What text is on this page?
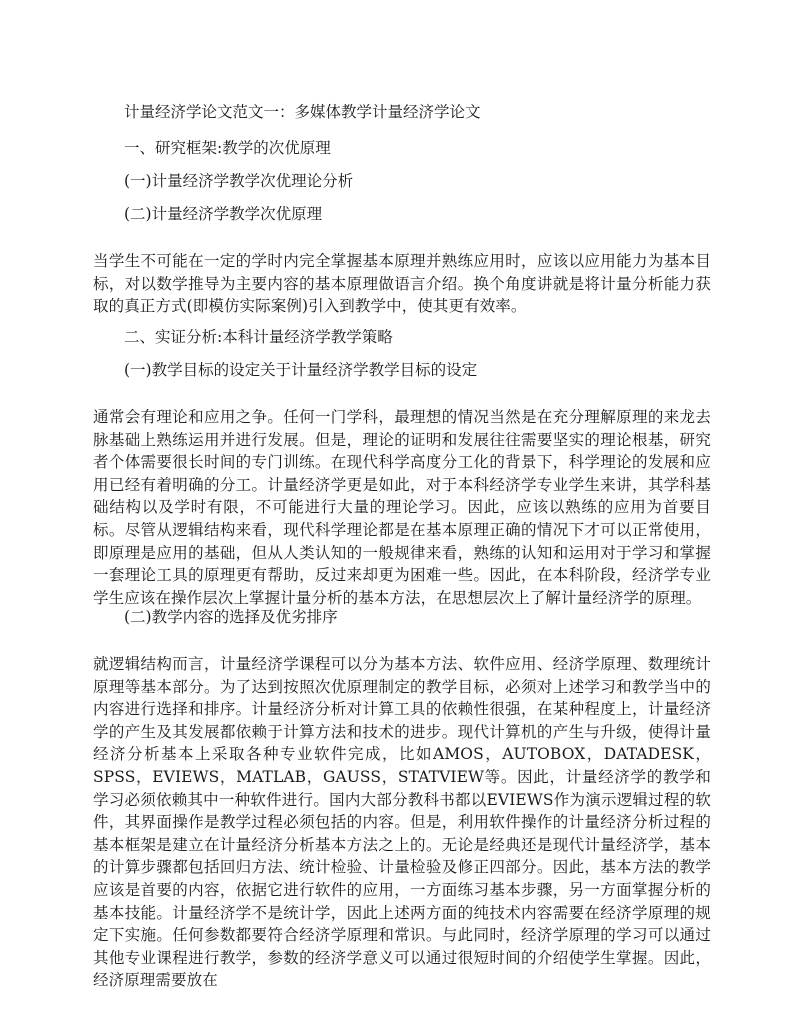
计量经济学论文范文一：多媒体教学计量经济学论文
一、研究框架:教学的次优原理
(一)计量经济学教学次优理论分析
(二)计量经济学教学次优原理
当学生不可能在一定的学时内完全掌握基本原理并熟练应用时，应该以应用能力为基本目标，对以数学推导为主要内容的基本原理做语言介绍。换个角度讲就是将计量分析能力获取的真正方式(即模仿实际案例)引入到教学中，使其更有效率。
二、实证分析:本科计量经济学教学策略
(一)教学目标的设定关于计量经济学教学目标的设定
通常会有理论和应用之争。任何一门学科，最理想的情况当然是在充分理解原理的来龙去脉基础上熟练运用并进行发展。但是，理论的证明和发展往往需要坚实的理论根基，研究者个体需要很长时间的专门训练。在现代科学高度分工化的背景下，科学理论的发展和应用已经有着明确的分工。计量经济学更是如此，对于本科经济学专业学生来讲，其学科基础结构以及学时有限，不可能进行大量的理论学习。因此，应该以熟练的应用为首要目标。尽管从逻辑结构来看，现代科学理论都是在基本原理正确的情况下才可以正常使用，即原理是应用的基础，但从人类认知的一般规律来看，熟练的认知和运用对于学习和掌握一套理论工具的原理更有帮助，反过来却更为困难一些。因此，在本科阶段，经济学专业学生应该在操作层次上掌握计量分析的基本方法，在思想层次上了解计量经济学的原理。
(二)教学内容的选择及优劣排序
就逻辑结构而言，计量经济学课程可以分为基本方法、软件应用、经济学原理、数理统计原理等基本部分。为了达到按照次优原理制定的教学目标，必须对上述学习和教学当中的内容进行选择和排序。计量经济分析对计算工具的依赖性很强，在某种程度上，计量经济学的产生及其发展都依赖于计算方法和技术的进步。现代计算机的产生与升级，使得计量经济分析基本上采取各种专业软件完成，比如AMOS，AUTOBOX，DATADESK，SPSS，EVIEWS，MATLAB，GAUSS，STATVIEW等。因此，计量经济学的教学和学习必须依赖其中一种软件进行。国内大部分教科书都以EVIEWS作为演示逻辑过程的软件，其界面操作是教学过程必须包括的内容。但是，利用软件操作的计量经济分析过程的基本框架是建立在计量经济分析基本方法之上的。无论是经典还是现代计量经济学，基本的计算步骤都包括回归方法、统计检验、计量检验及修正四部分。因此，基本方法的教学应该是首要的内容，依据它进行软件的应用，一方面练习基本步骤，另一方面掌握分析的基本技能。计量经济学不是统计学，因此上述两方面的纯技术内容需要在经济学原理的规定下实施。任何参数都要符合经济学原理和常识。与此同时，经济学原理的学习可以通过其他专业课程进行教学，参数的经济学意义可以通过很短时间的介绍使学生掌握。因此，经济原理需要放在
